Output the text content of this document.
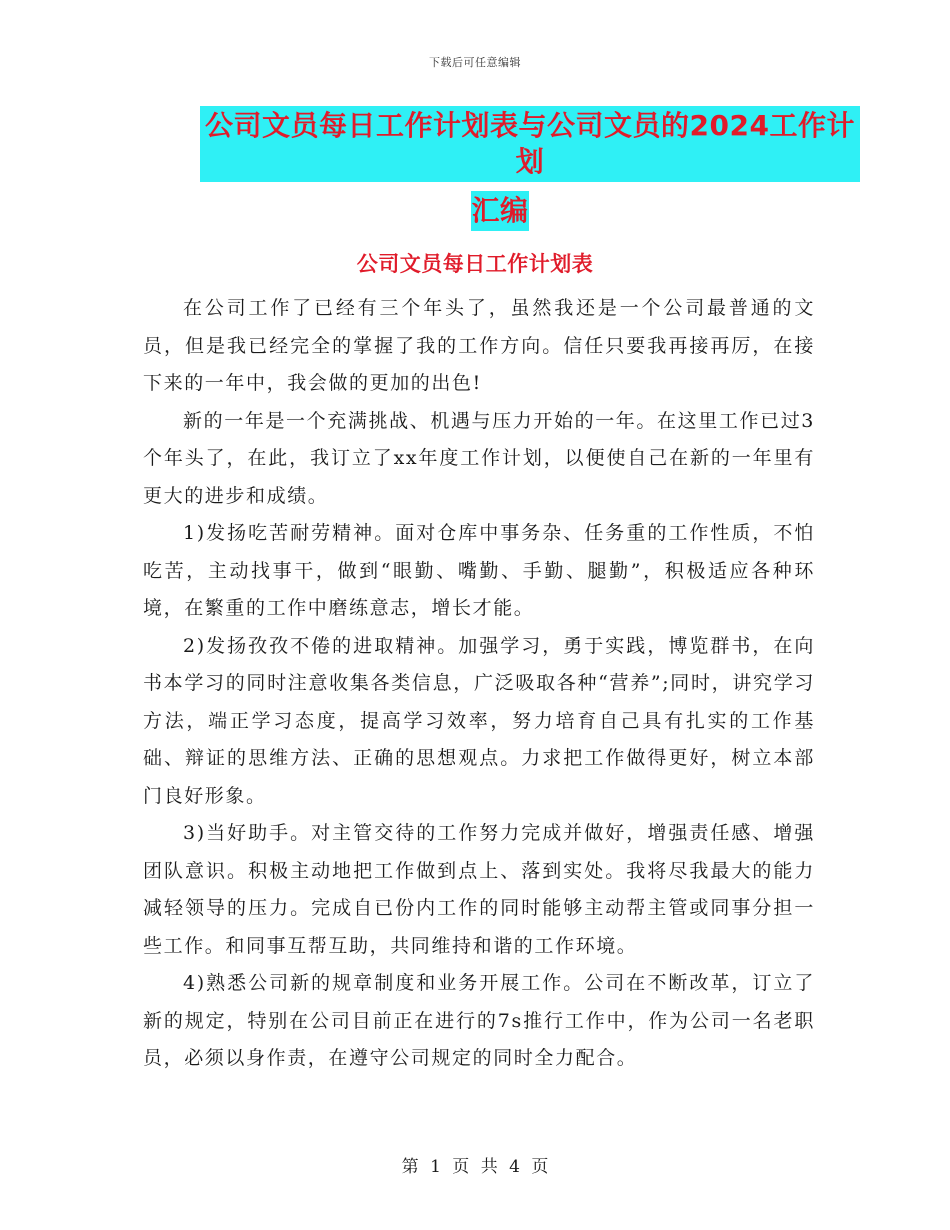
下载后可任意编辑
公司文员每日工作计划表与公司文员的2024工作计划
汇编
公司文员每日工作计划表

在公司工作了已经有三个年头了，虽然我还是一个公司最普通的文员，但是我已经完全的掌握了我的工作方向。信任只要我再接再厉，在接下来的一年中，我会做的更加的出色!

新的一年是一个充满挑战、机遇与压力开始的一年。在这里工作已过3个年头了，在此，我订立了xx年度工作计划，以便使自己在新的一年里有更大的进步和成绩。

1)发扬吃苦耐劳精神。面对仓库中事务杂、任务重的工作性质，不怕吃苦，主动找事干，做到“眼勤、嘴勤、手勤、腿勤”，积极适应各种环境，在繁重的工作中磨练意志，增长才能。

2)发扬孜孜不倦的进取精神。加强学习，勇于实践，博览群书，在向书本学习的同时注意收集各类信息，广泛吸取各种“营养”;同时，讲究学习方法，端正学习态度，提高学习效率，努力培育自己具有扎实的工作基础、辩证的思维方法、正确的思想观点。力求把工作做得更好，树立本部门良好形象。

3)当好助手。对主管交待的工作努力完成并做好，增强责任感、增强团队意识。积极主动地把工作做到点上、落到实处。我将尽我最大的能力减轻领导的压力。完成自已份内工作的同时能够主动帮主管或同事分担一些工作。和同事互帮互助，共同维持和谐的工作环境。

4)熟悉公司新的规章制度和业务开展工作。公司在不断改革，订立了新的规定，特别在公司目前正在进行的7s推行工作中，作为公司一名老职员，必须以身作责，在遵守公司规定的同时全力配合。

第 1 页 共 4 页
